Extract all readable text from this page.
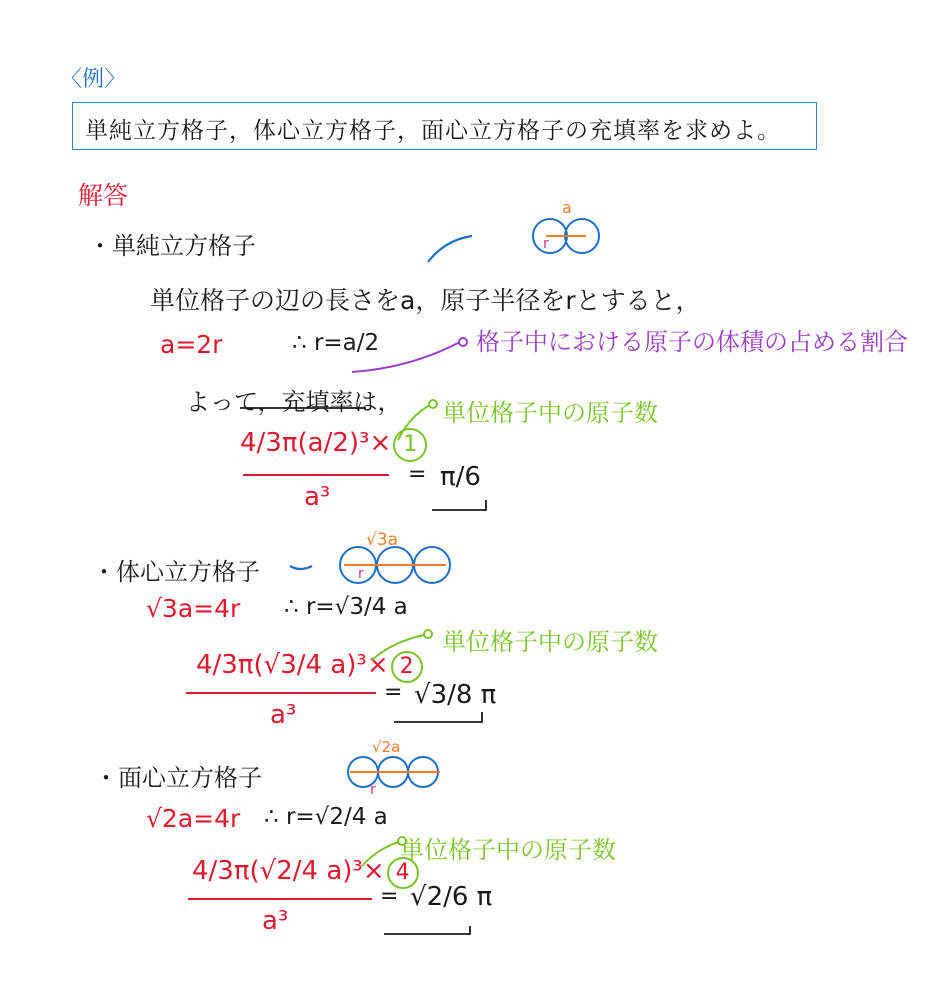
〈例〉
単純立方格子，体心立方格子，面心立方格子の充填率を求めよ。
解答
・単純立方格子
単位格子の辺の長さをa，原子半径をrとすると，
a=2r	∴ r=a/2	格子中における原子の体積の占める割合
よって，充填率は， 単位格子中の原子数
4/3π(a/2)³× 1
a³
= π/6
・体心立方格子
√3a=4r ∴ r=√3/4 a
単位格子中の原子数
4/3π(√3/4 a)³× 2
a³
= √3/8 π
・面心立方格子
√2a=4r ∴ r=√2/4 a
単位格子中の原子数
4/3π(√2/4 a)³× 4
a³
= √2/6 π
a
√3a
√2a
r
r
r
